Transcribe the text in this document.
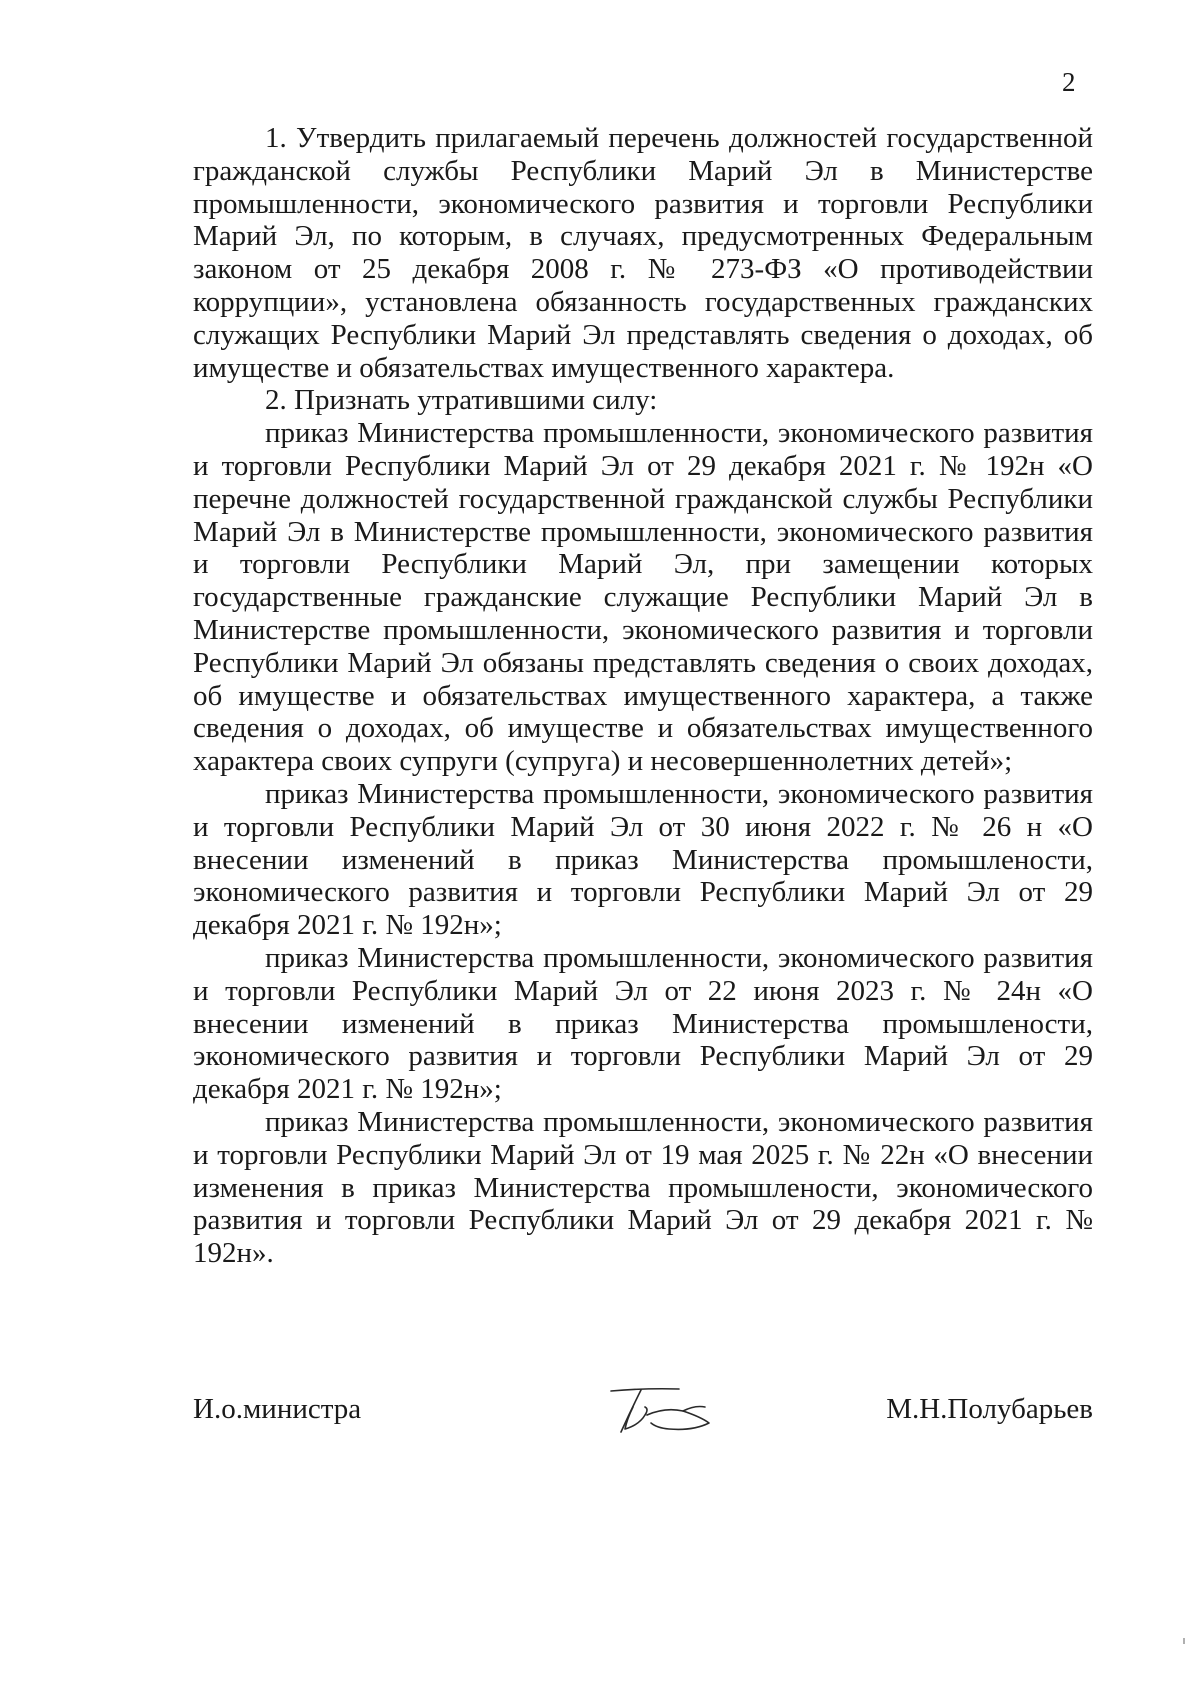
2

1. Утвердить прилагаемый перечень должностей государственной гражданской службы Республики Марий Эл в Министерстве промышленности, экономического развития и торговли Республики Марий Эл, по которым, в случаях, предусмотренных Федеральным законом от 25 декабря 2008 г. № 273-ФЗ «О противодействии коррупции», установлена обязанность государственных гражданских служащих Республики Марий Эл представлять сведения о доходах, об имуществе и обязательствах имущественного характера.

2. Признать утратившими силу:

приказ Министерства промышленности, экономического развития и торговли Республики Марий Эл от 29 декабря 2021 г. № 192н «О перечне должностей государственной гражданской службы Республики Марий Эл в Министерстве промышленности, экономического развития и торговли Республики Марий Эл, при замещении которых государственные гражданские служащие Республики Марий Эл в Министерстве промышленности, экономического развития и торговли Республики Марий Эл обязаны представлять сведения о своих доходах, об имуществе и обязательствах имущественного характера, а также сведения о доходах, об имуществе и обязательствах имущественного характера своих супруги (супруга) и несовершеннолетних детей»;

приказ Министерства промышленности, экономического развития и торговли Республики Марий Эл от 30 июня 2022 г. № 26 н «О внесении изменений в приказ Министерства промышлености, экономического развития и торговли Республики Марий Эл от 29 декабря 2021 г. № 192н»;

приказ Министерства промышленности, экономического развития и торговли Республики Марий Эл от 22 июня 2023 г. № 24н «О внесении изменений в приказ Министерства промышлености, экономического развития и торговли Республики Марий Эл от 29 декабря 2021 г. № 192н»;

приказ Министерства промышленности, экономического развития и торговли Республики Марий Эл от 19 мая 2025 г. № 22н «О внесении изменения в приказ Министерства промышлености, экономического развития и торговли Республики Марий Эл от 29 декабря 2021 г. № 192н».

И.о.министра	М.Н.Полубарьев
